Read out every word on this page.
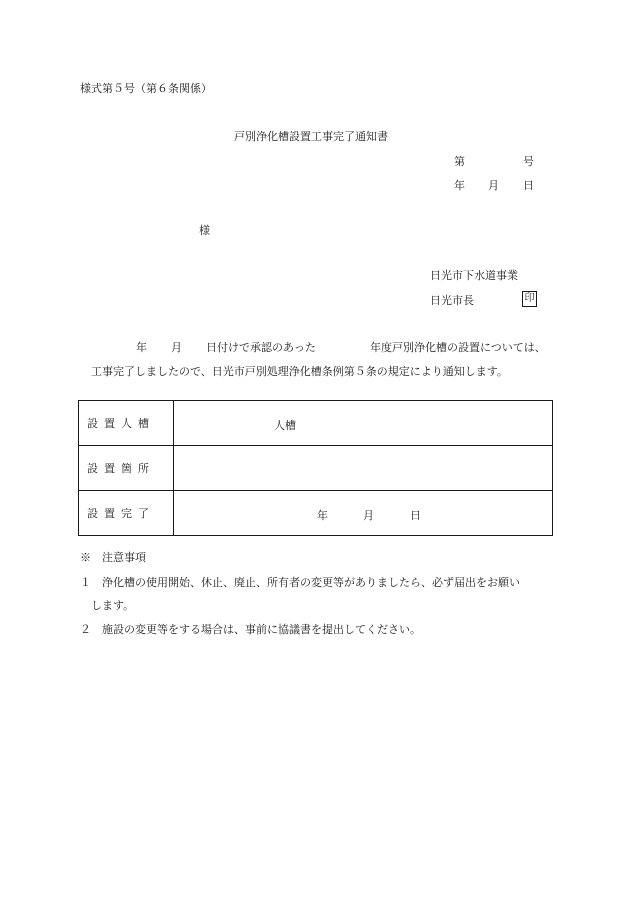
様式第５号（第６条関係）
戸別浄化槽設置工事完了通知書
第	号
年 月 日
様
日光市下水道事業
日光市長	印
年 月 日付けで承認のあった	年度戸別浄化槽の設置については、
工事完了しましたので、日光市戸別処理浄化槽条例第５条の規定により通知します。
設置人槽	人槽

設置箇所	
設置完了	年 月 日
※　注意事項
１　浄化槽の使用開始、休止、廃止、所有者の変更等がありましたら、必ず届出をお願い
します。
２　施設の変更等をする場合は、事前に協議書を提出してください。
